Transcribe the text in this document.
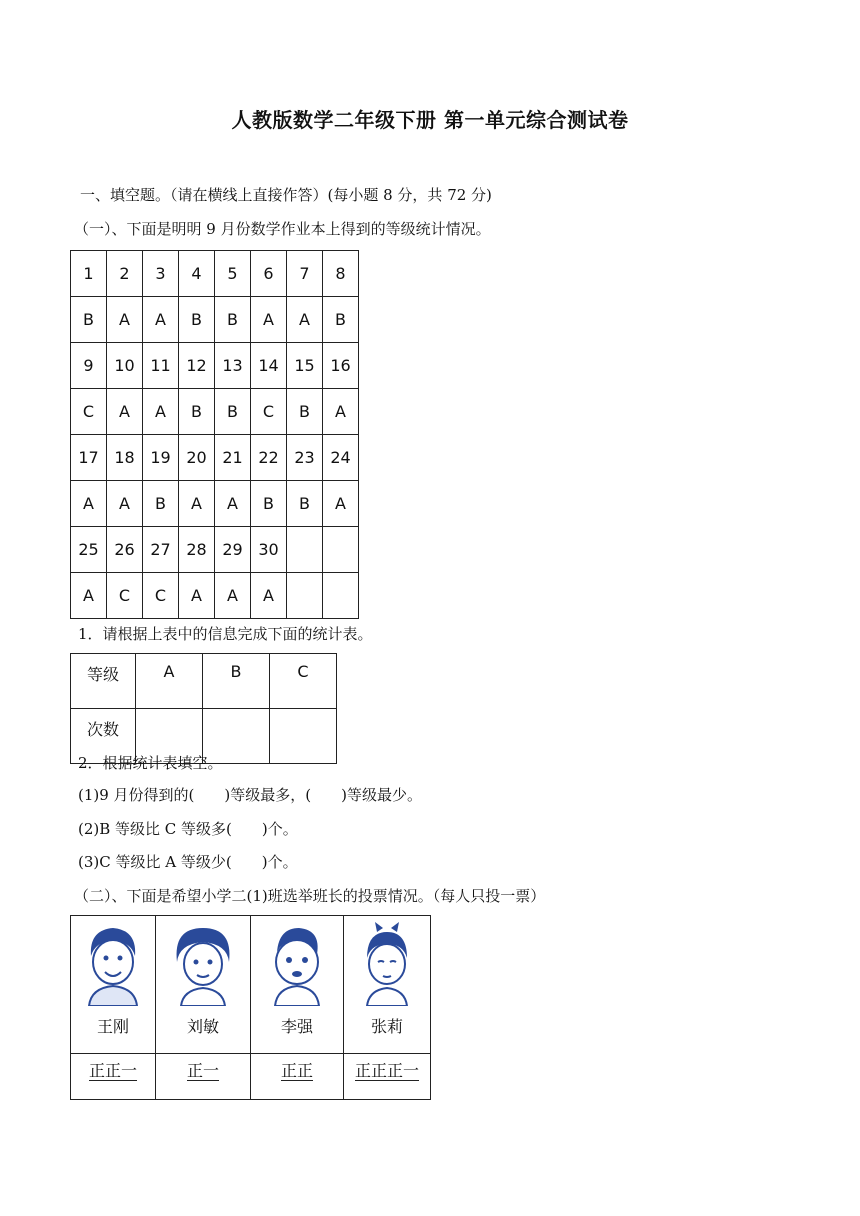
人教版数学二年级下册 第一单元综合测试卷
一、填空题。（请在横线上直接作答）(每小题 8 分，共 72 分)
（一）、下面是明明 9 月份数学作业本上得到的等级统计情况。
1	2	3	4	5	6	7	8
B	A	A	B	B	A	A	B
9	10	11	12	13	14	15	16
C	A	A	B	B	C	B	A
17	18	19	20	21	22	23	24
A	A	B	A	A	B	B	A
25	26	27	28	29	30		
A	C	C	A	A	A		
1．请根据上表中的信息完成下面的统计表。
等级	A	B	C
次数			
2．根据统计表填空。
(1)9 月份得到的(　　)等级最多，(　　)等级最少。
(2)B 等级比 C 等级多(　　)个。
(3)C 等级比 A 等级少(　　)个。
（二）、下面是希望小学二(1)班选举班长的投票情况。（每人只投一票）
王刚	刘敏	李强	张莉

正正一	正一	正正	正正正一
